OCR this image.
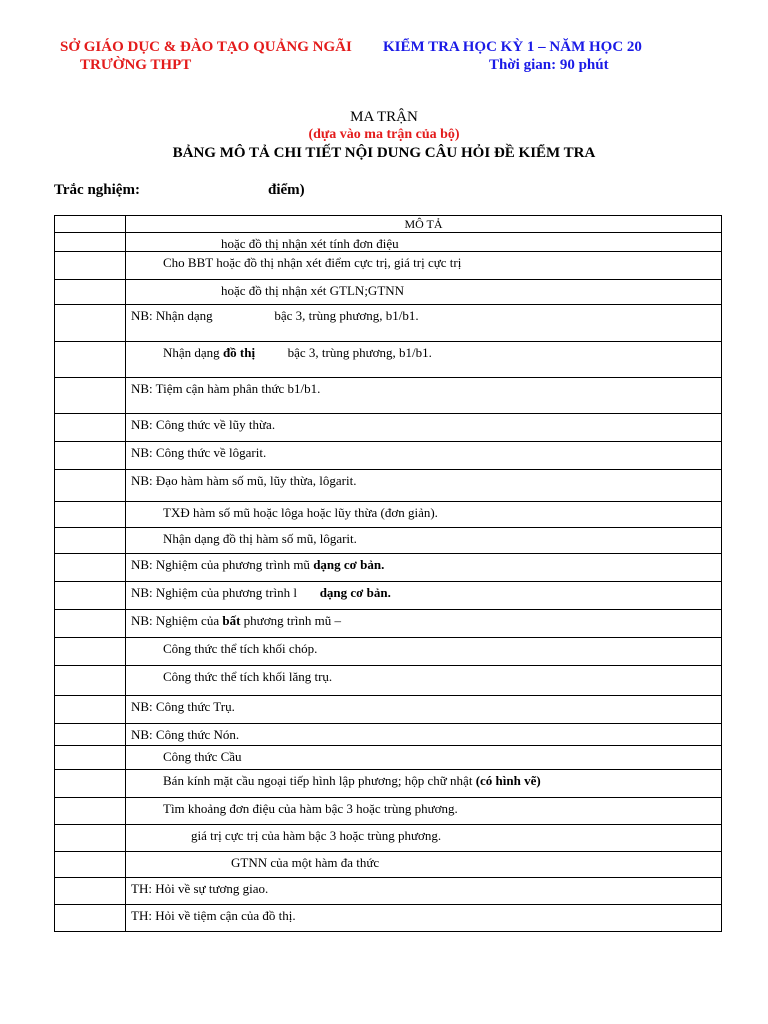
SỞ GIÁO DỤC & ĐÀO TẠO QUẢNG NGÃI
TRƯỜNG THPT
KIỂM TRA HỌC KỲ 1 – NĂM HỌC 20
Thời gian: 90 phút
MA TRẬN
(dựa vào ma trận của bộ)
BẢNG MÔ TẢ CHI TIẾT NỘI DUNG CÂU HỎI ĐỀ KIỂM TRA
Trắc nghiệm:	điểm)
	MÔ TẢ
	hoặc đồ thị nhận xét tính đơn điệu
	Cho BBT hoặc đồ thị nhận xét điểm cực trị, giá trị cực trị
	hoặc đồ thị nhận xét GTLN;GTNN
	NB: Nhận dạng                   bậc 3, trùng phương, b1/b1.
	Nhận dạng đồ thị          bậc 3, trùng phương, b1/b1.
	NB: Tiệm cận hàm phân thức b1/b1.
	NB: Công thức về lũy thừa.
	NB: Công thức về lôgarit.
	NB: Đạo hàm hàm số mũ, lũy thừa, lôgarit.
	TXĐ hàm số mũ hoặc lôga hoặc lũy thừa (đơn giản).
	Nhận dạng đồ thị hàm số mũ, lôgarit.
	NB: Nghiệm của phương trình mũ dạng cơ bản.
	NB: Nghiệm của phương trình l       dạng cơ bản.
	NB: Nghiệm của bất phương trình mũ –
	Công thức thể tích khối chóp.
	Công thức thể tích khối lăng trụ.
	NB: Công thức Trụ.
	NB: Công thức Nón.
	Công thức Cầu
	Bán kính mặt cầu ngoại tiếp hình lập phương; hộp chữ nhật (có hình vẽ)
	Tìm khoảng đơn điệu của hàm bậc 3 hoặc trùng phương.
	giá trị cực trị của hàm bậc 3 hoặc trùng phương.
	GTNN của một hàm đa thức
	TH: Hỏi về sự tương giao.
	TH: Hỏi về tiệm cận của đồ thị.
